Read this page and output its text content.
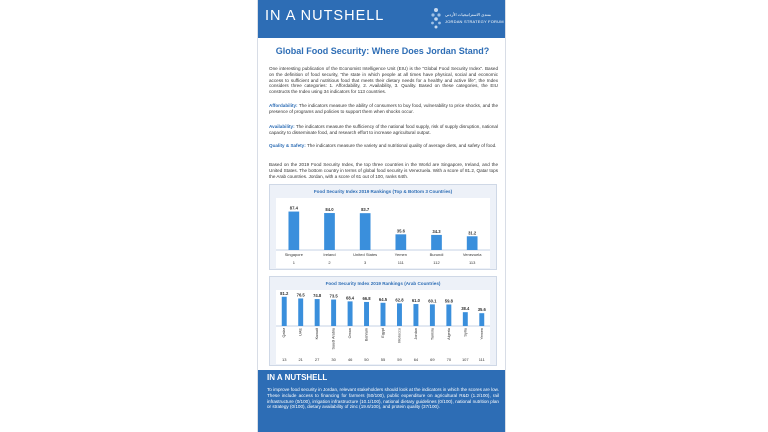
IN A NUTSHELL	منتدى الاستراتيجيات الأردني
JORDAN STRATEGY FORUM
Global Food Security: Where Does Jordan Stand?
One interesting publication of the Economist Intelligence Unit (EIU) is the “Global Food Security Index”. Based on the definition of food security, “the state in which people at all times have physical, social and economic access to sufficient and nutritious food that meets their dietary needs for a healthy and active life”, the Index considers three categories: 1. Affordability, 2. Availability, 3. Quality. Based on these categories, the EIU constructs the Index using 34 indicators for 113 countries.
Affordability: The indicators measure the ability of consumers to buy food, vulnerability to price shocks, and the presence of programs and policies to support them when shocks occur.
Availability: The indicators measure the sufficiency of the national food supply, risk of supply disruption, national capacity to disseminate food, and research effort to increase agricultural output.
Quality & Safety: The indicators measure the variety and nutritional quality of average diets, and safety of food.
Based on the 2019 Food Security Index, the top three countries in the World are Singapore, Ireland, and the United States. The bottom country in terms of global food security is Venezuela. With a score of 81.2, Qatar tops the Arab countries. Jordan, with a score of 61 out of 100, ranks 64th.
Food Security Index 2019 Rankings (Top & Bottom 3 Countries)
87.4
Singapore
1
84.0
Ireland
2
83.7
United States
3
35.6
Yemen
111
34.3
Burundi
112
31.2
Venezuela
113
Food Security Index 2019 Rankings (Arab Countries)
81.2
Qatar
13
76.5
UAE
21
74.8
Kuwait
27
73.5
Saudi Arabia
30
68.4
Oman
46
66.8
Bahrain
50
64.5
Egypt
55
62.8
Morocco
59
61.0
Jordan
64
60.1
Tunisia
69
59.8
Algeria
70
38.4
Syria
107
35.6
Yemen
111
IN A NUTSHELL
To improve food security in Jordan, relevant stakeholders should look at the indicators in which the scores are low. These include access to financing for farmers (50/100), public expenditure on agricultural R&D (1.2/100), rail infrastructure (0/100), irrigation infrastructure (10.1/100), national dietary guidelines (0/100), national nutrition plan or strategy (0/100), dietary availability of zinc (19.6/100), and protein quality (37/100).
